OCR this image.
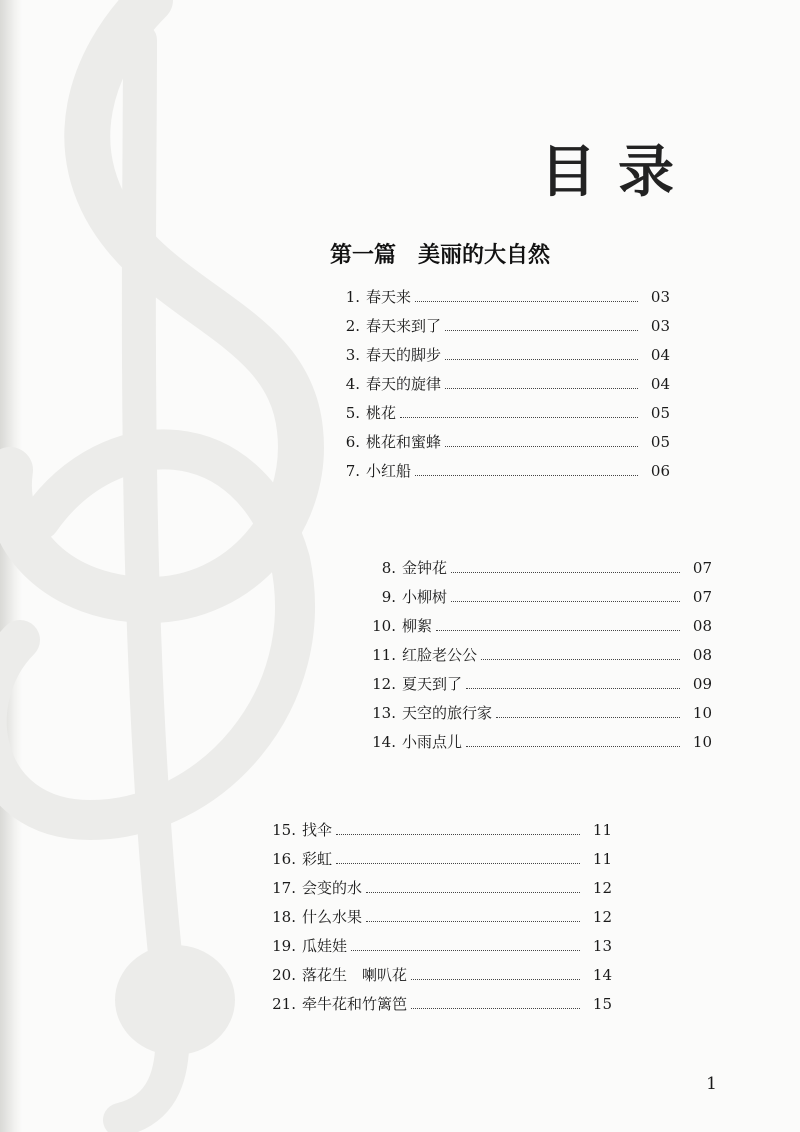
目录
第一篇 美丽的大自然
1. 春天来	03
2. 春天来到了	03
3. 春天的脚步	04
4. 春天的旋律	04
5. 桃花	05
6. 桃花和蜜蜂	05
7. 小红船	06
8. 金钟花	07
9. 小柳树	07
10. 柳絮	08
11. 红脸老公公	08
12. 夏天到了	09
13. 天空的旅行家	10
14. 小雨点儿	10
15. 找伞	11
16. 彩虹	11
17. 会变的水	12
18. 什么水果	12
19. 瓜娃娃	13
20. 落花生　喇叭花	14
21. 牵牛花和竹篱笆	15

1
